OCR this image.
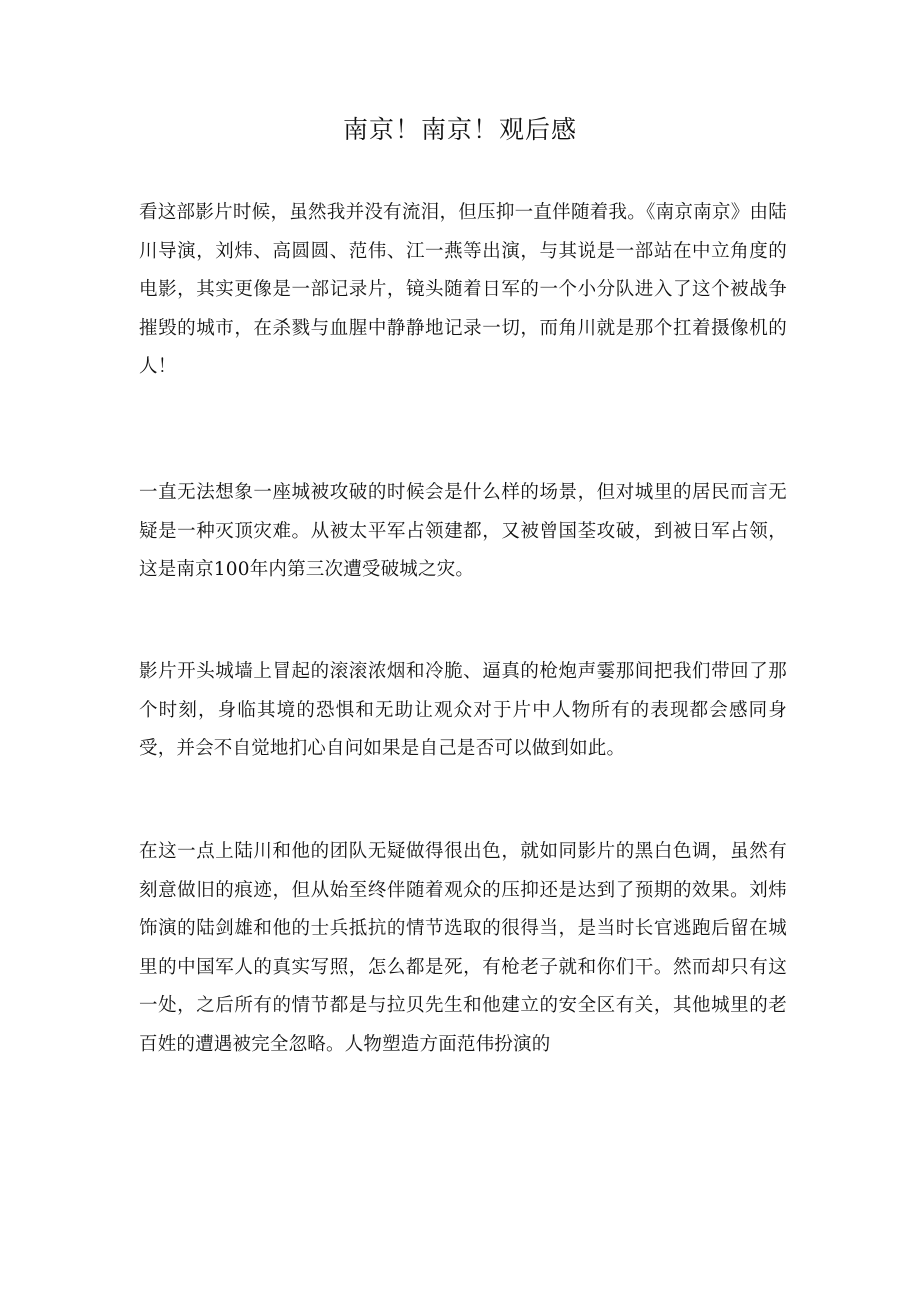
南京！南京！观后感

看这部影片时候，虽然我并没有流泪，但压抑一直伴随着我。《南京南京》由陆川导演，刘炜、高圆圆、范伟、江一燕等出演，与其说是一部站在中立角度的电影，其实更像是一部记录片，镜头随着日军的一个小分队进入了这个被战争摧毁的城市，在杀戮与血腥中静静地记录一切，而角川就是那个扛着摄像机的人！

一直无法想象一座城被攻破的时候会是什么样的场景，但对城里的居民而言无疑是一种灭顶灾难。从被太平军占领建都，又被曾国荃攻破，到被日军占领，这是南京100年内第三次遭受破城之灾。

影片开头城墙上冒起的滚滚浓烟和冷脆、逼真的枪炮声霎那间把我们带回了那个时刻，身临其境的恐惧和无助让观众对于片中人物所有的表现都会感同身受，并会不自觉地扪心自问如果是自己是否可以做到如此。

在这一点上陆川和他的团队无疑做得很出色，就如同影片的黑白色调，虽然有刻意做旧的痕迹，但从始至终伴随着观众的压抑还是达到了预期的效果。刘炜饰演的陆剑雄和他的士兵抵抗的情节选取的很得当，是当时长官逃跑后留在城里的中国军人的真实写照，怎么都是死，有枪老子就和你们干。然而却只有这一处，之后所有的情节都是与拉贝先生和他建立的安全区有关，其他城里的老百姓的遭遇被完全忽略。人物塑造方面范伟扮演的
